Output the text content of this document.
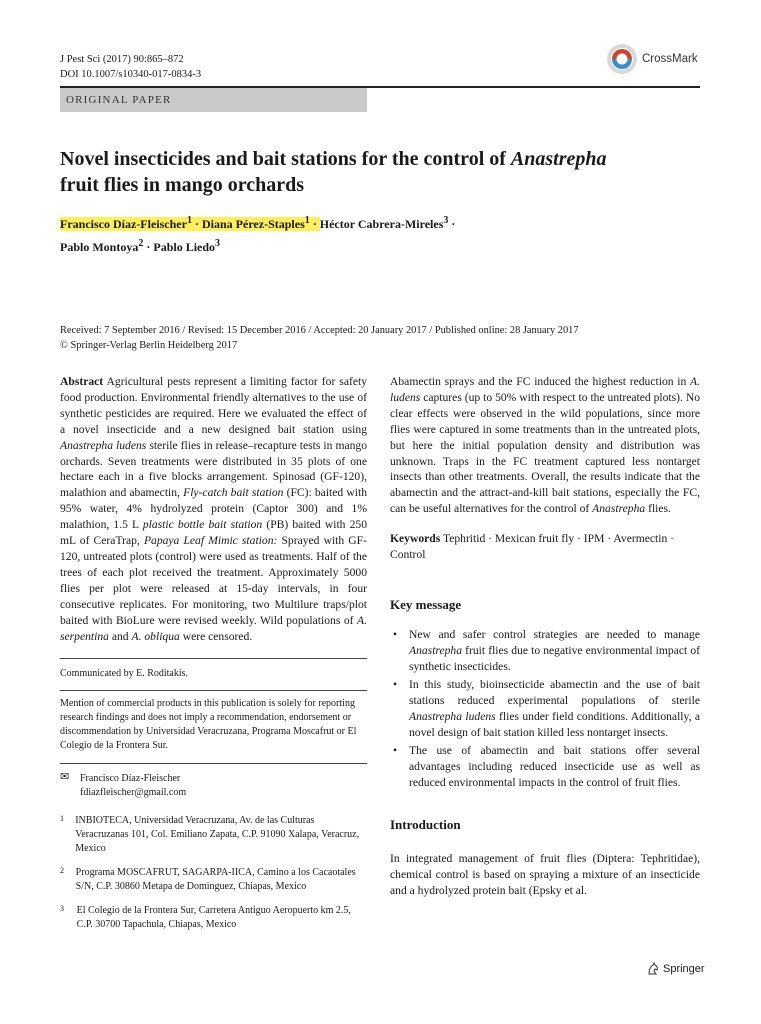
J Pest Sci (2017) 90:865–872
DOI 10.1007/s10340-017-0834-3
CrossMark
ORIGINAL PAPER
Novel insecticides and bait stations for the control of Anastrepha
fruit flies in mango orchards
Francisco Díaz-Fleischer$^1$ · Diana Pérez-Staples$^1$ · Héctor Cabrera-Mireles$^3$ ·
Pablo Montoya$^2$ · Pablo Liedo$^3$
Received: 7 September 2016 / Revised: 15 December 2016 / Accepted: 20 January 2017 / Published online: 28 January 2017
© Springer-Verlag Berlin Heidelberg 2017

Abstract Agricultural pests represent a limiting factor for safety food production. Environmental friendly alternatives to the use of synthetic pesticides are required. Here we evaluated the effect of a novel insecticide and a new designed bait station using Anastrepha ludens sterile flies in release–recapture tests in mango orchards. Seven treatments were distributed in 35 plots of one hectare each in a five blocks arrangement. Spinosad (GF-120), malathion and abamectin, Fly-catch bait station (FC): baited with 95% water, 4% hydrolyzed protein (Captor 300) and 1% malathion, 1.5 L plastic bottle bait station (PB) baited with 250 mL of CeraTrap, Papaya Leaf Mimic station: Sprayed with GF-120, untreated plots (control) were used as treatments. Half of the trees of each plot received the treatment. Approximately 5000 flies per plot were released at 15-day intervals, in four consecutive replicates. For monitoring, two Multilure traps/plot baited with BioLure were revised weekly. Wild populations of A. serpentina and A. obliqua were censored.

Communicated by E. Roditakis.
Mention of commercial products in this publication is solely for reporting research findings and does not imply a recommendation, endorsement or discommendation by Universidad Veracruzana, Programa Moscafrut or El Colegio de la Frontera Sur.
✉ Francisco Díaz-Fleischer
fdiazfleischer@gmail.com
1 INBIOTECA, Universidad Veracruzana, Av. de las Culturas Veracruzanas 101, Col. Emiliano Zapata, C.P. 91090 Xalapa, Veracruz, Mexico
2 Programa MOSCAFRUT, SAGARPA-IICA, Camino a los Cacaotales S/N, C.P. 30860 Metapa de Dominguez, Chiapas, Mexico
3 El Colegio de la Frontera Sur, Carretera Antiguo Aeropuerto km 2.5, C.P. 30700 Tapachula, Chiapas, Mexico

Abamectin sprays and the FC induced the highest reduction in A. ludens captures (up to 50% with respect to the untreated plots). No clear effects were observed in the wild populations, since more flies were captured in some treatments than in the untreated plots, but here the initial population density and distribution was unknown. Traps in the FC treatment captured less nontarget insects than other treatments. Overall, the results indicate that the abamectin and the attract-and-kill bait stations, especially the FC, can be useful alternatives for the control of Anastrepha flies.

Keywords Tephritid · Mexican fruit fly · IPM · Avermectin · Control

Key message
• New and safer control strategies are needed to manage Anastrepha fruit flies due to negative environmental impact of synthetic insecticides.
• In this study, bioinsecticide abamectin and the use of bait stations reduced experimental populations of sterile Anastrepha ludens flies under field conditions. Additionally, a novel design of bait station killed less nontarget insects.
• The use of abamectin and bait stations offer several advantages including reduced insecticide use as well as reduced environmental impacts in the control of fruit flies.
Introduction

In integrated management of fruit flies (Diptera: Tephritidae), chemical control is based on spraying a mixture of an insecticide and a hydrolyzed protein bait (Epsky et al.

Springer
